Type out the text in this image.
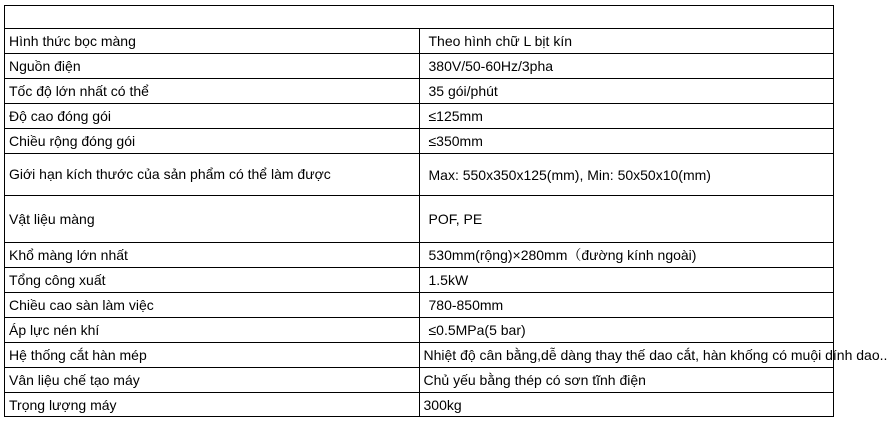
Hình thức bọc màng	Theo hình chữ L bịt kín
Nguồn điện	380V/50-60Hz/3pha
Tốc độ lớn nhất có thể	35 gói/phút
Độ cao đóng gói	≤125mm
Chiều rộng đóng gói	≤350mm
Giới hạn kích thước của sản phẩm có thể làm được	Max: 550x350x125(mm), Min: 50x50x10(mm)
Vật liệu màng	POF, PE
Khổ màng lớn nhất	530mm(rộng)×280mm（đường kính ngoài)
Tổng công xuất	1.5kW
Chiều cao sàn làm việc	780-850mm
Áp lực nén khí	≤0.5MPa(5 bar)
Hệ thống cắt hàn mép	Nhiệt độ cân bằng,dễ dàng thay thế dao cắt, hàn khống có muội dính dao..
Vân liệu chế tạo máy	Chủ yếu bằng thép có sơn tĩnh điện
Trọng lượng máy	300kg
